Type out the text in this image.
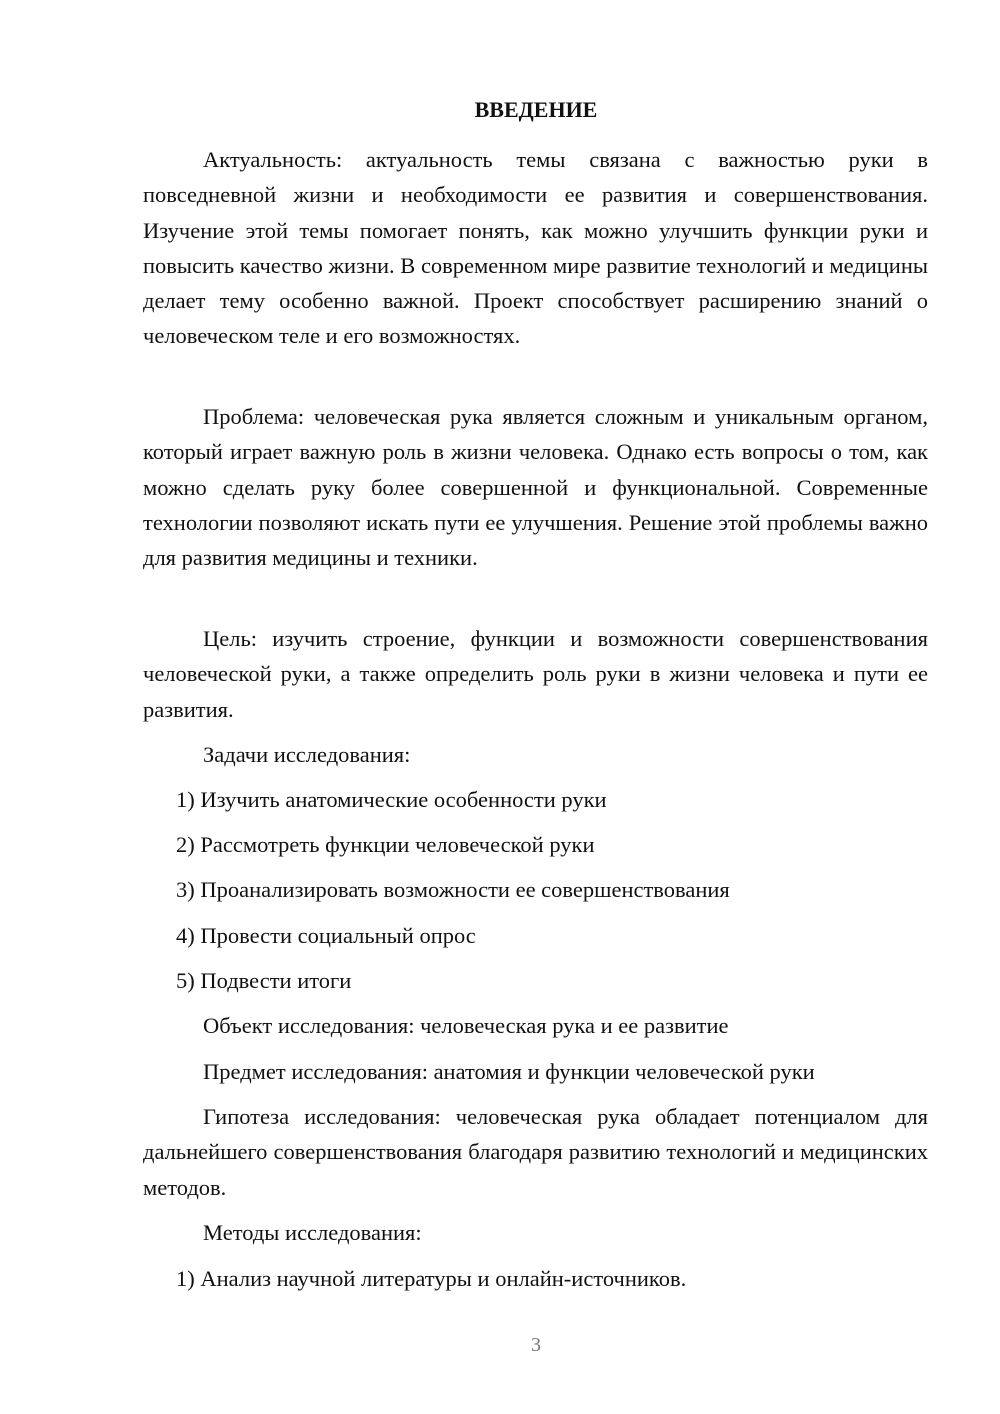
ВВЕДЕНИЕ
Актуальность: актуальность темы связана с важностью руки в повседневной жизни и необходимости ее развития и совершенствования. Изучение этой темы помогает понять, как можно улучшить функции руки и повысить качество жизни. В современном мире развитие технологий и медицины делает тему особенно важной. Проект способствует расширению знаний о человеческом теле и его возможностях.
Проблема: человеческая рука является сложным и уникальным органом, который играет важную роль в жизни человека. Однако есть вопросы о том, как можно сделать руку более совершенной и функциональной. Современные технологии позволяют искать пути ее улучшения. Решение этой проблемы важно для развития медицины и техники.
Цель: изучить строение, функции и возможности совершенствования человеческой руки, а также определить роль руки в жизни человека и пути ее развития.
Задачи исследования:
1) Изучить анатомические особенности руки
2) Рассмотреть функции человеческой руки
3) Проанализировать возможности ее совершенствования
4) Провести социальный опрос
5) Подвести итоги
Объект исследования: человеческая рука и ее развитие
Предмет исследования: анатомия и функции человеческой руки
Гипотеза исследования: человеческая рука обладает потенциалом для дальнейшего совершенствования благодаря развитию технологий и медицинских методов.
Методы исследования:
1) Анализ научной литературы и онлайн-источников.
3
